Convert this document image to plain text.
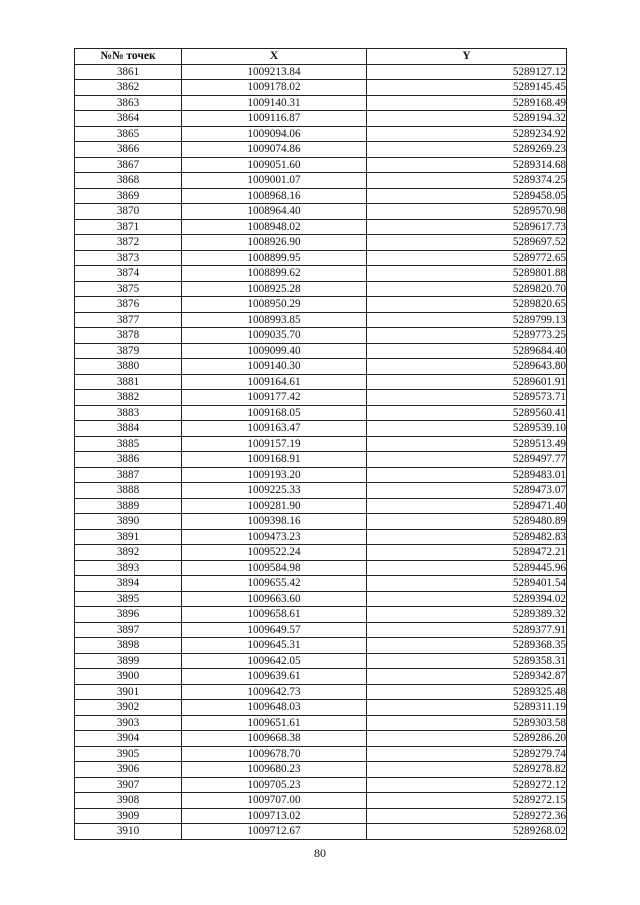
№№ точек	X	Y
3861	1009213.84	5289127.12
3862	1009178.02	5289145.45
3863	1009140.31	5289168.49
3864	1009116.87	5289194.32
3865	1009094.06	5289234.92
3866	1009074.86	5289269.23
3867	1009051.60	5289314.68
3868	1009001.07	5289374.25
3869	1008968.16	5289458.05
3870	1008964.40	5289570.98
3871	1008948.02	5289617.73
3872	1008926.90	5289697.52
3873	1008899.95	5289772.65
3874	1008899.62	5289801.88
3875	1008925.28	5289820.70
3876	1008950.29	5289820.65
3877	1008993.85	5289799.13
3878	1009035.70	5289773.25
3879	1009099.40	5289684.40
3880	1009140.30	5289643.80
3881	1009164.61	5289601.91
3882	1009177.42	5289573.71
3883	1009168.05	5289560.41
3884	1009163.47	5289539.10
3885	1009157.19	5289513.49
3886	1009168.91	5289497.77
3887	1009193.20	5289483.01
3888	1009225.33	5289473.07
3889	1009281.90	5289471.40
3890	1009398.16	5289480.89
3891	1009473.23	5289482.83
3892	1009522.24	5289472.21
3893	1009584.98	5289445.96
3894	1009655.42	5289401.54
3895	1009663.60	5289394.02
3896	1009658.61	5289389.32
3897	1009649.57	5289377.91
3898	1009645.31	5289368.35
3899	1009642.05	5289358.31
3900	1009639.61	5289342.87
3901	1009642.73	5289325.48
3902	1009648.03	5289311.19
3903	1009651.61	5289303.58
3904	1009668.38	5289286.20
3905	1009678.70	5289279.74
3906	1009680.23	5289278.82
3907	1009705.23	5289272.12
3908	1009707.00	5289272.15
3909	1009713.02	5289272.36
3910	1009712.67	5289268.02
80
